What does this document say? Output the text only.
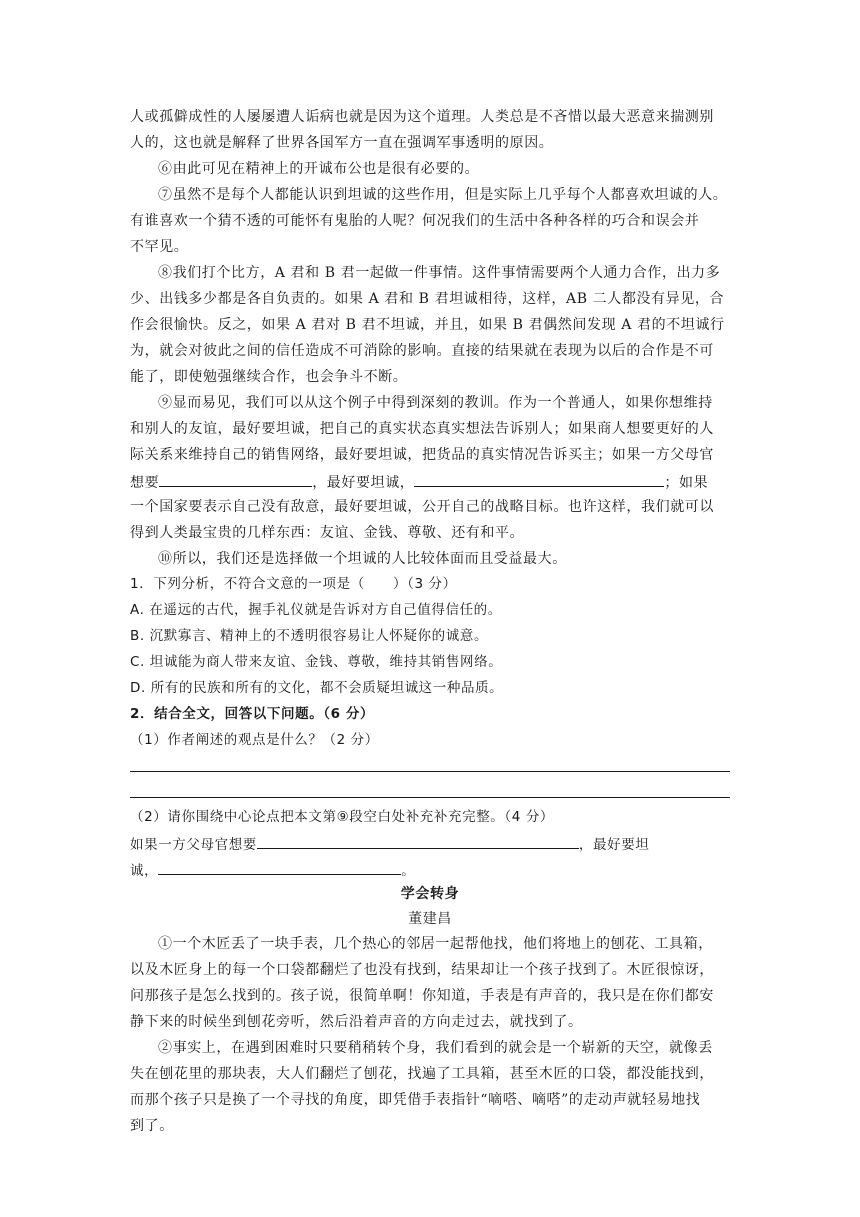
人或孤僻成性的人屡屡遭人诟病也就是因为这个道理。人类总是不吝惜以最大恶意来揣测别
人的，这也就是解释了世界各国军方一直在强调军事透明的原因。
⑥由此可见在精神上的开诚布公也是很有必要的。
⑦虽然不是每个人都能认识到坦诚的这些作用，但是实际上几乎每个人都喜欢坦诚的人。
有谁喜欢一个猜不透的可能怀有鬼胎的人呢？何况我们的生活中各种各样的巧合和误会并
不罕见。
⑧我们打个比方，A 君和 B 君一起做一件事情。这件事情需要两个人通力合作，出力多
少、出钱多少都是各自负责的。如果 A 君和 B 君坦诚相待，这样，AB 二人都没有异见，合
作会很愉快。反之，如果 A 君对 B 君不坦诚，并且，如果 B 君偶然间发现 A 君的不坦诚行
为，就会对彼此之间的信任造成不可消除的影响。直接的结果就在表现为以后的合作是不可
能了，即使勉强继续合作，也会争斗不断。
⑨显而易见，我们可以从这个例子中得到深刻的教训。作为一个普通人，如果你想维持
和别人的友谊，最好要坦诚，把自己的真实状态真实想法告诉别人；如果商人想要更好的人
际关系来维持自己的销售网络，最好要坦诚，把货品的真实情况告诉买主；如果一方父母官
想要	，最好要坦诚，	；如果
一个国家要表示自己没有敌意，最好要坦诚，公开自己的战略目标。也许这样，我们就可以
得到人类最宝贵的几样东西：友谊、金钱、尊敬、还有和平。
⑩所以，我们还是选择做一个坦诚的人比较体面而且受益最大。
1．下列分析，不符合文意的一项是（　　）（3 分）
A. 在遥远的古代，握手礼仪就是告诉对方自己值得信任的。
B. 沉默寡言、精神上的不透明很容易让人怀疑你的诚意。
C. 坦诚能为商人带来友谊、金钱、尊敬，维持其销售网络。
D. 所有的民族和所有的文化，都不会质疑坦诚这一种品质。
2．结合全文，回答以下问题。（6 分）
（1）作者阐述的观点是什么？（2 分）
（2）请你围绕中心论点把本文第⑨段空白处补充补充完整。（4 分）
如果一方父母官想要	，最好要坦
诚，	。
学会转身
董建昌
①一个木匠丢了一块手表，几个热心的邻居一起帮他找，他们将地上的刨花、工具箱，
以及木匠身上的每一个口袋都翻烂了也没有找到，结果却让一个孩子找到了。木匠很惊讶，
问那孩子是怎么找到的。孩子说，很简单啊！你知道，手表是有声音的，我只是在你们都安
静下来的时候坐到刨花旁听，然后沿着声音的方向走过去，就找到了。
②事实上，在遇到困难时只要稍稍转个身，我们看到的就会是一个崭新的天空，就像丢
失在刨花里的那块表，大人们翻烂了刨花，找遍了工具箱，甚至木匠的口袋，都没能找到，
而那个孩子只是换了一个寻找的角度，即凭借手表指针“嘀嗒、嘀嗒”的走动声就轻易地找
到了。
